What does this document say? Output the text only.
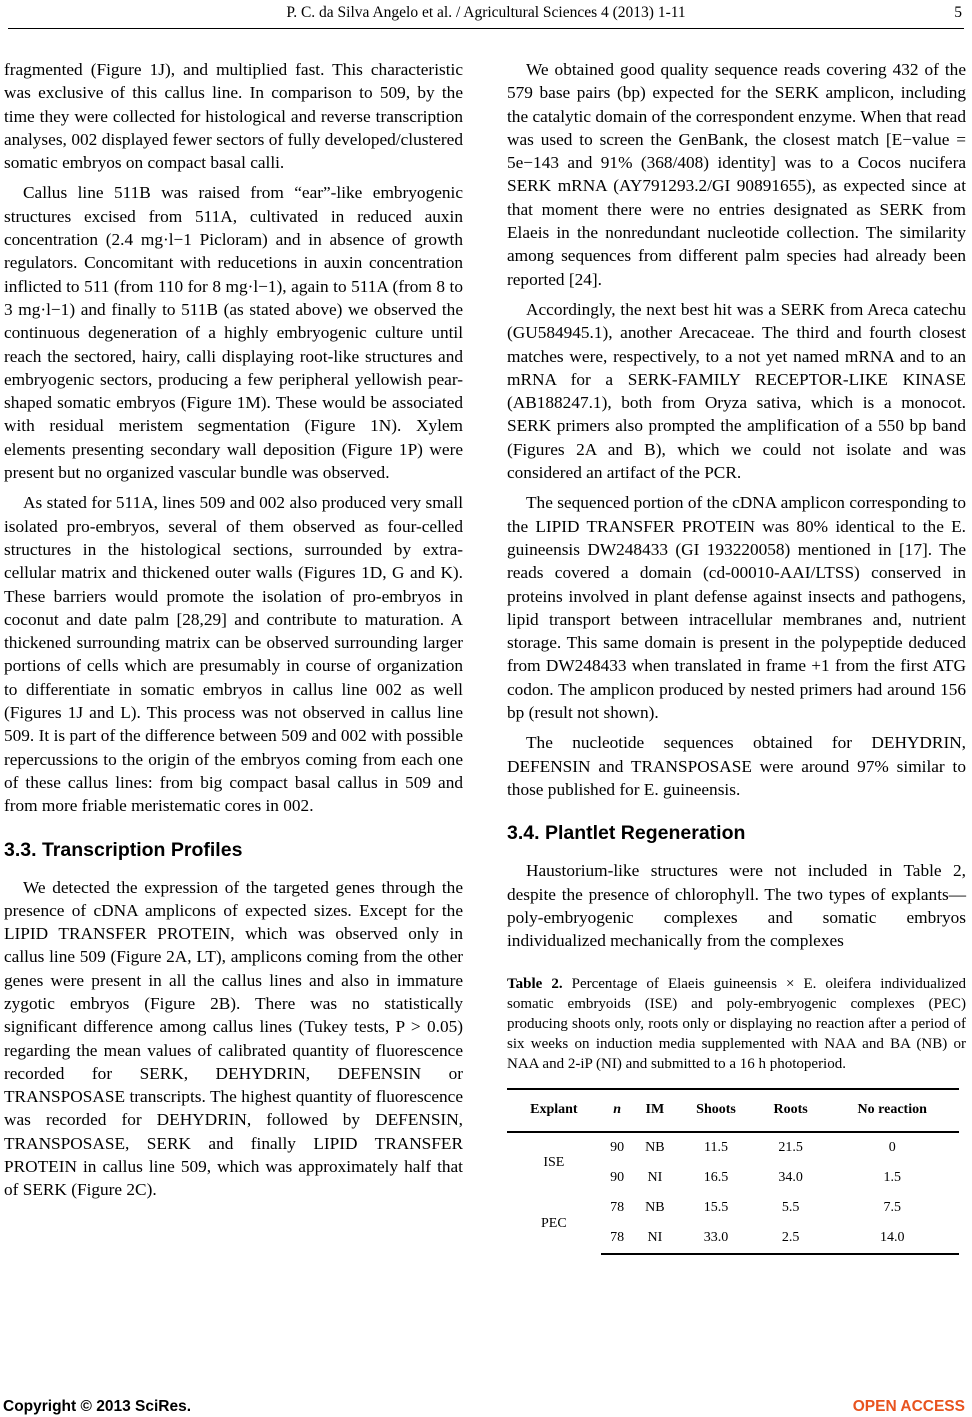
P. C. da Silva Angelo et al. / Agricultural Sciences 4 (2013) 1-11	5

fragmented (Figure 1J), and multiplied fast. This characteristic was exclusive of this callus line. In comparison to 509, by the time they were collected for histological and reverse transcription analyses, 002 displayed fewer sectors of fully developed/clustered somatic embryos on compact basal calli.

Callus line 511B was raised from “ear”-like embryogenic structures excised from 511A, cultivated in reduced auxin concentration (2.4 mg·l−1 Picloram) and in absence of growth regulators. Concomitant with reducetions in auxin concentration inflicted to 511 (from 110 for 8 mg·l−1), again to 511A (from 8 to 3 mg·l−1) and finally to 511B (as stated above) we observed the continuous degeneration of a highly embryogenic culture until reach the sectored, hairy, calli displaying root-like structures and embryogenic sectors, producing a few peripheral yellowish pear-shaped somatic embryos (Figure 1M). These would be associated with residual meristem segmentation (Figure 1N). Xylem elements presenting secondary wall deposition (Figure 1P) were present but no organized vascular bundle was observed.

As stated for 511A, lines 509 and 002 also produced very small isolated pro-embryos, several of them observed as four-celled structures in the histological sections, surrounded by extra-cellular matrix and thickened outer walls (Figures 1D, G and K). These barriers would promote the isolation of pro-embryos in coconut and date palm [28,29] and contribute to maturation. A thickened surrounding matrix can be observed surrounding larger portions of cells which are presumably in course of organization to differentiate in somatic embryos in callus line 002 as well (Figures 1J and L). This process was not observed in callus line 509. It is part of the difference between 509 and 002 with possible repercussions to the origin of the embryos coming from each one of these callus lines: from big compact basal callus in 509 and from more friable meristematic cores in 002.

3.3. Transcription Profiles

We detected the expression of the targeted genes through the presence of cDNA amplicons of expected sizes. Except for the LIPID TRANSFER PROTEIN, which was observed only in callus line 509 (Figure 2A, LT), amplicons coming from the other genes were present in all the callus lines and also in immature zygotic embryos (Figure 2B). There was no statistically significant difference among callus lines (Tukey tests, P > 0.05) regarding the mean values of calibrated quantity of fluorescence recorded for SERK, DEHYDRIN, DEFENSIN or TRANSPOSASE transcripts. The highest quantity of fluorescence was recorded for DEHYDRIN, followed by DEFENSIN, TRANSPOSASE, SERK and finally LIPID TRANSFER PROTEIN in callus line 509, which was approximately half that of SERK (Figure 2C).

We obtained good quality sequence reads covering 432 of the 579 base pairs (bp) expected for the SERK amplicon, including the catalytic domain of the correspondent enzyme. When that read was used to screen the GenBank, the closest match [E−value = 5e−143 and 91% (368/408) identity] was to a Cocos nucifera SERK mRNA (AY791293.2/GI 90891655), as expected since at that moment there were no entries designated as SERK from Elaeis in the nonredundant nucleotide collection. The similarity among sequences from different palm species had already been reported [24].

Accordingly, the next best hit was a SERK from Areca catechu (GU584945.1), another Arecaceae. The third and fourth closest matches were, respectively, to a not yet named mRNA and to an mRNA for a SERK-FAMILY RECEPTOR-LIKE KINASE (AB188247.1), both from Oryza sativa, which is a monocot. SERK primers also prompted the amplification of a 550 bp band (Figures 2A and B), which we could not isolate and was considered an artifact of the PCR.

The sequenced portion of the cDNA amplicon corresponding to the LIPID TRANSFER PROTEIN was 80% identical to the E. guineensis DW248433 (GI 193220058) mentioned in [17]. The reads covered a domain (cd-00010-AAI/LTSS) conserved in proteins involved in plant defense against insects and pathogens, lipid transport between intracellular membranes and, nutrient storage. This same domain is present in the polypeptide deduced from DW248433 when translated in frame +1 from the first ATG codon. The amplicon produced by nested primers had around 156 bp (result not shown).

The nucleotide sequences obtained for DEHYDRIN, DEFENSIN and TRANSPOSASE were around 97% similar to those published for E. guineensis.

3.4. Plantlet Regeneration

Haustorium-like structures were not included in Table 2, despite the presence of chlorophyll. The two types of explants—poly-embryogenic complexes and somatic embryos individualized mechanically from the complexes

Table 2. Percentage of Elaeis guineensis × E. oleifera individualized somatic embryoids (ISE) and poly-embryogenic complexes (PEC) producing shoots only, roots only or displaying no reaction after a period of six weeks on induction media supplemented with NAA and BA (NB) or NAA and 2-iP (NI) and submitted to a 16 h photoperiod.
Explant	n	IM	Shoots	Roots	No reaction
ISE	90	NB	11.5	21.5	0
	90	NI	16.5	34.0	1.5
PEC	78	NB	15.5	5.5	7.5
	78	NI	33.0	2.5	14.0
Copyright © 2013 SciRes.	OPEN ACCESS
